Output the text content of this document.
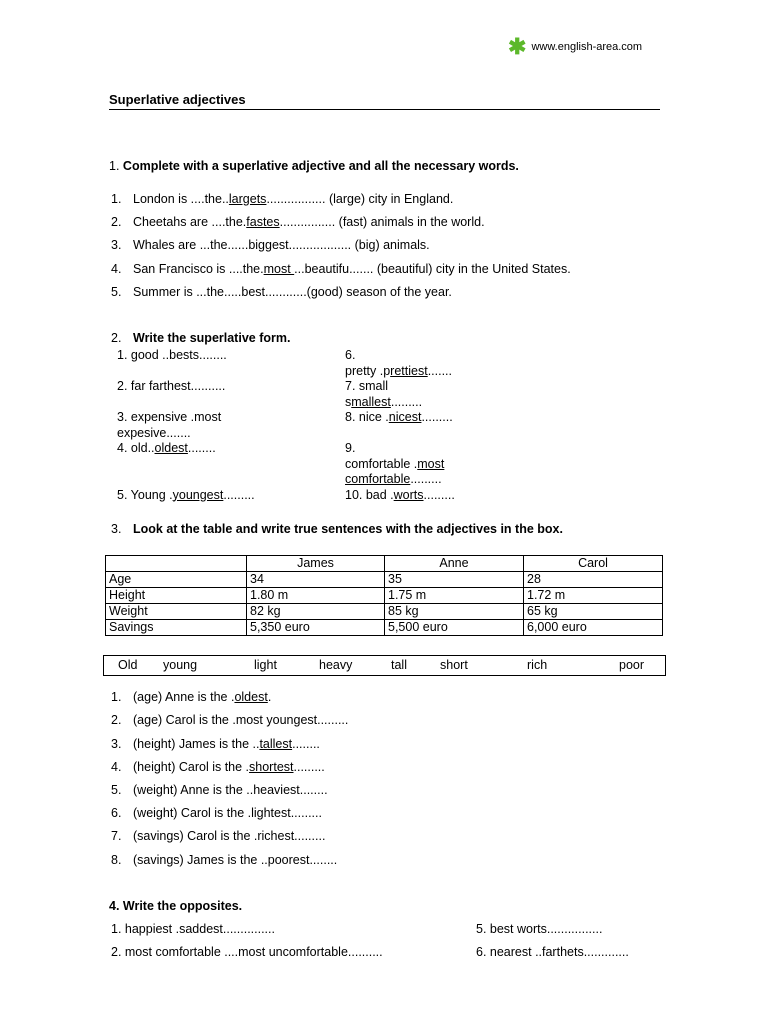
✱ www.english-area.com
Superlative adjectives
1. Complete with a superlative adjective and all the necessary words.
1. London is ....the..largets................. (large) city in England.
2. Cheetahs are ....the.fastes................ (fast) animals in the world.
3. Whales are ...the......biggest.................. (big) animals.
4. San Francisco is ....the.most ...beautifu....... (beautiful) city in the United States.
5. Summer is ...the.....best............(good) season of the year.
2. Write the superlative form.
1. good ..bests........
2. far farthest..........
3. expensive .most
expesive.......
4. old..oldest........
5. Young .youngest.........
6.
pretty .prettiest.......
7. small
smallest.........
8. nice .nicest.........
9.
comfortable .most
comfortable.........
10. bad .worts.........
3. Look at the table and write true sentences with the adjectives in the box.
	James	Anne	Carol
Age	34	35	28
Height	1.80 m	1.75 m	1.72 m
Weight	82 kg	85 kg	65 kg
Savings	5,350 euro	5,500 euro	6,000 euro
Old young	light	heavy	tall	short	rich	poor
1. (age) Anne is the .oldest.
2. (age) Carol is the .most youngest.........
3. (height) James is the ..tallest........
4. (height) Carol is the .shortest.........
5. (weight) Anne is the ..heaviest........
6. (weight) Carol is the .lightest.........
7. (savings) Carol is the .richest.........
8. (savings) James is the ..poorest........
4. Write the opposites.
1. happiest .saddest...............	5. best worts................
2. most comfortable ....most uncomfortable..........	6. nearest ..farthets.............
